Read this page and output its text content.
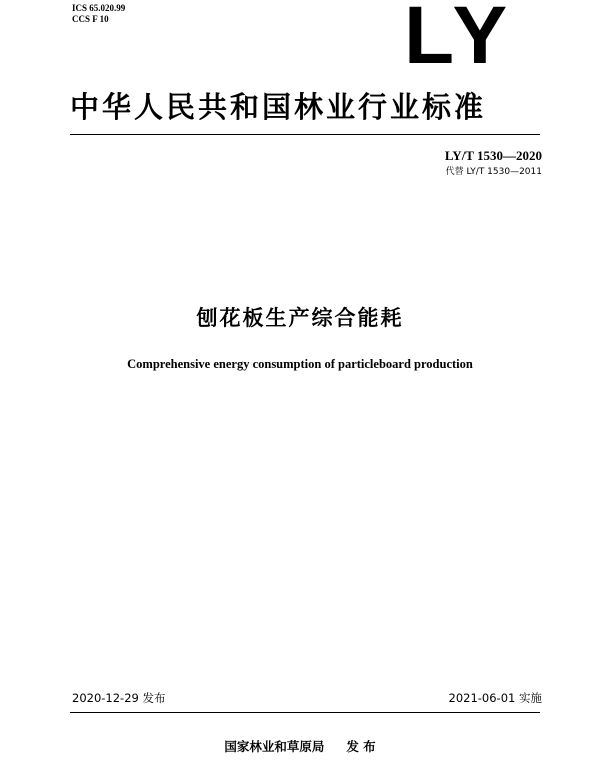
ICS 65.020.99
CCS F 10	LY
中华人民共和国林业行业标准
LY/T 1530—2020
代替 LY/T 1530—2011
刨花板生产综合能耗
Comprehensive energy consumption of particleboard production
2020-12-29 发布	2021-06-01 实施
国家林业和草原局 发 布
